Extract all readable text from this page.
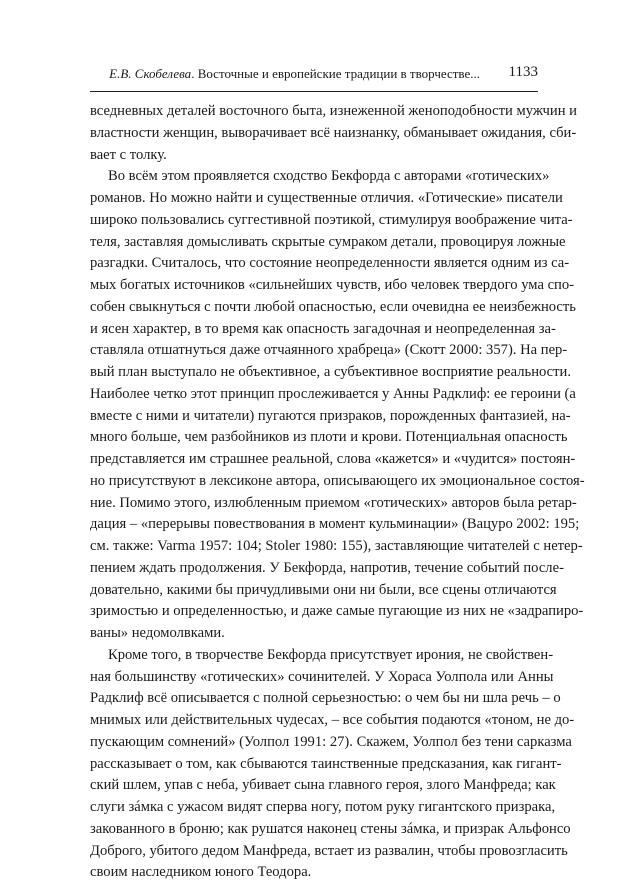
Е.В. Скобелева. Восточные и европейские традиции в творчестве... 1133
вседневных деталей восточного быта, изнеженной женоподобности мужчин и
властности женщин, выворачивает всё наизнанку, обманывает ожидания, сби-
вает с толку.
Во всём этом проявляется сходство Бекфорда с авторами «готических»
романов. Но можно найти и существенные отличия. «Готические» писатели
широко пользовались суггестивной поэтикой, стимулируя воображение чита-
теля, заставляя домысливать скрытые сумраком детали, провоцируя ложные
разгадки. Считалось, что состояние неопределенности является одним из са-
мых богатых источников «сильнейших чувств, ибо человек твердого ума спо-
собен свыкнуться с почти любой опасностью, если очевидна ее неизбежность
и ясен характер, в то время как опасность загадочная и неопределенная за-
ставляла отшатнуться даже отчаянного храбреца» (Скотт 2000: 357). На пер-
вый план выступало не объективное, а субъективное восприятие реальности.
Наиболее четко этот принцип прослеживается у Анны Радклиф: ее героини (а
вместе с ними и читатели) пугаются призраков, порожденных фантазией, на-
много больше, чем разбойников из плоти и крови. Потенциальная опасность
представляется им страшнее реальной, слова «кажется» и «чудится» постоян-
но присутствуют в лексиконе автора, описывающего их эмоциональное состоя-
ние. Помимо этого, излюбленным приемом «готических» авторов была ретар-
дация – «перерывы повествования в момент кульминации» (Вацуро 2002: 195;
см. также: Varma 1957: 104; Stoler 1980: 155), заставляющие читателей с нетер-
пением ждать продолжения. У Бекфорда, напротив, течение событий после-
довательно, какими бы причудливыми они ни были, все сцены отличаются
зримостью и определенностью, и даже самые пугающие из них не «задрапиро-
ваны» недомолвками.
Кроме того, в творчестве Бекфорда присутствует ирония, не свойствен-
ная большинству «готических» сочинителей. У Хораса Уолпола или Анны
Радклиф всё описывается с полной серьезностью: о чем бы ни шла речь – о
мнимых или действительных чудесах, – все события подаются «тоном, не до-
пускающим сомнений» (Уолпол 1991: 27). Скажем, Уолпол без тени сарказма
рассказывает о том, как сбываются таинственные предсказания, как гигант-
ский шлем, упав с неба, убивает сына главного героя, злого Манфреда; как
слуги зáмка с ужасом видят сперва ногу, потом руку гигантского призрака,
закованного в броню; как рушатся наконец стены зáмка, и призрак Альфонсо
Доброго, убитого дедом Манфреда, встает из развалин, чтобы провозгласить
своим наследником юного Теодора.
